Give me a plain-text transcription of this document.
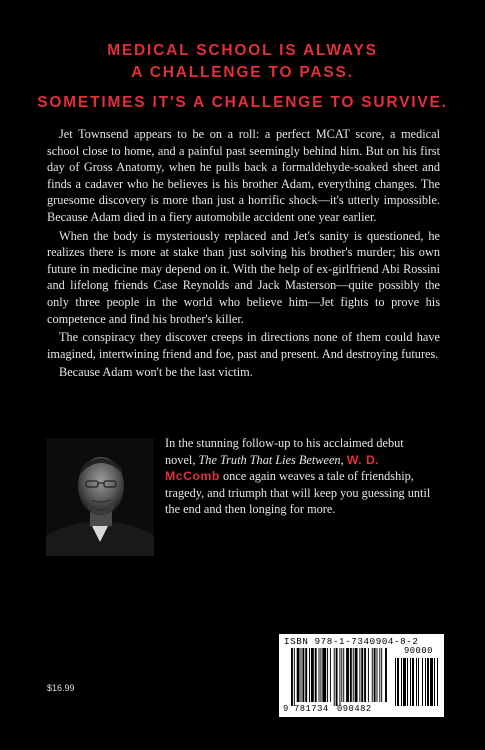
MEDICAL SCHOOL IS ALWAYS
A CHALLENGE TO PASS.
SOMETIMES IT'S A CHALLENGE TO SURVIVE.

Jet Townsend appears to be on a roll: a perfect MCAT score, a medical school close to home, and a painful past seemingly behind him. But on his first day of Gross Anatomy, when he pulls back a formaldehyde-soaked sheet and finds a cadaver who he believes is his brother Adam, everything changes. The gruesome discovery is more than just a horrific shock—it's utterly impossible. Because Adam died in a fiery automobile accident one year earlier.

When the body is mysteriously replaced and Jet's sanity is questioned, he realizes there is more at stake than just solving his brother's murder; his own future in medicine may depend on it. With the help of ex-girlfriend Abi Rossini and lifelong friends Case Reynolds and Jack Masterson—quite possibly the only three people in the world who believe him—Jet fights to prove his competence and find his brother's killer.

The conspiracy they discover creeps in directions none of them could have imagined, intertwining friend and foe, past and present. And destroying futures.

Because Adam won't be the last victim.

In the stunning follow-up to his acclaimed debut novel, The Truth That Lies Between, W. D. McComb once again weaves a tale of friendship, tragedy, and triumph that will keep you guessing until the end and then longing for more.
$16.99
ISBN 978-1-7340904-8-2
90000
9 781734 090482
